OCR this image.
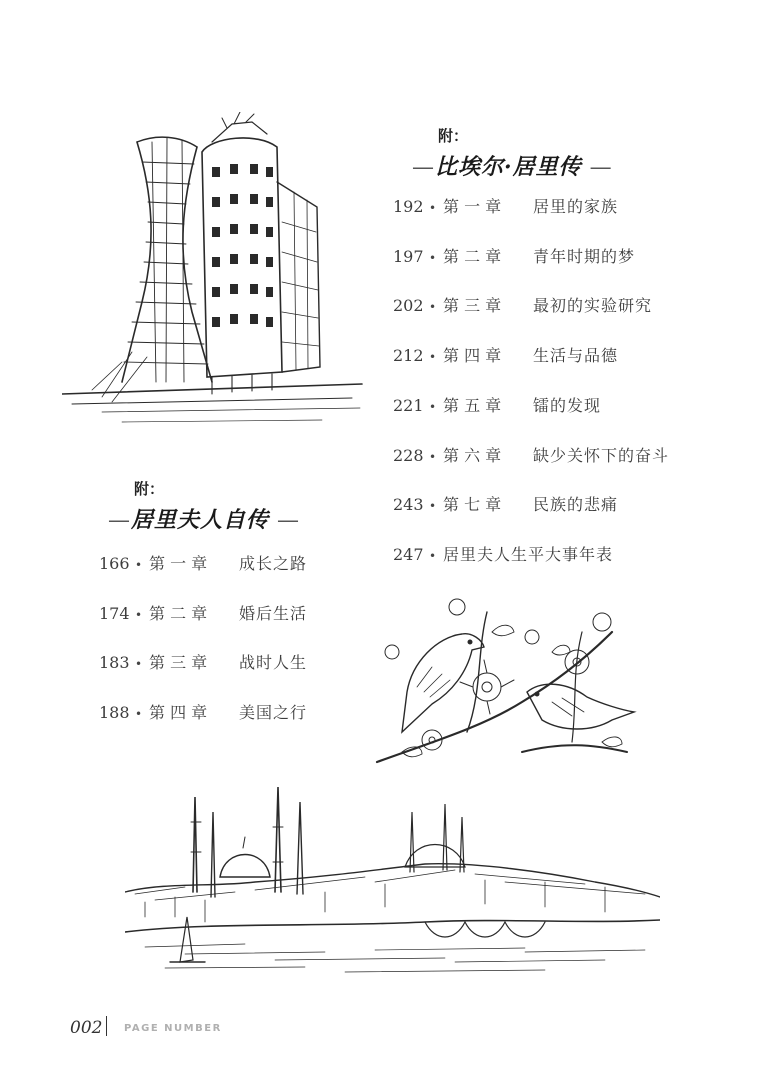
附：
—比埃尔·居里传 —
192 • 第 一 章 居里的家族
197 • 第 二 章 青年时期的梦
202 • 第 三 章 最初的实验研究
212 • 第 四 章 生活与品德
221 • 第 五 章 镭的发现
228 • 第 六 章 缺少关怀下的奋斗
243 • 第 七 章 民族的悲痛
247 • 居里夫人生平大事年表
附：
—居里夫人自传 —
166 • 第 一 章 成长之路
174 • 第 二 章 婚后生活
183 • 第 三 章 战时人生
188 • 第 四 章 美国之行
002 PAGE NUMBER
